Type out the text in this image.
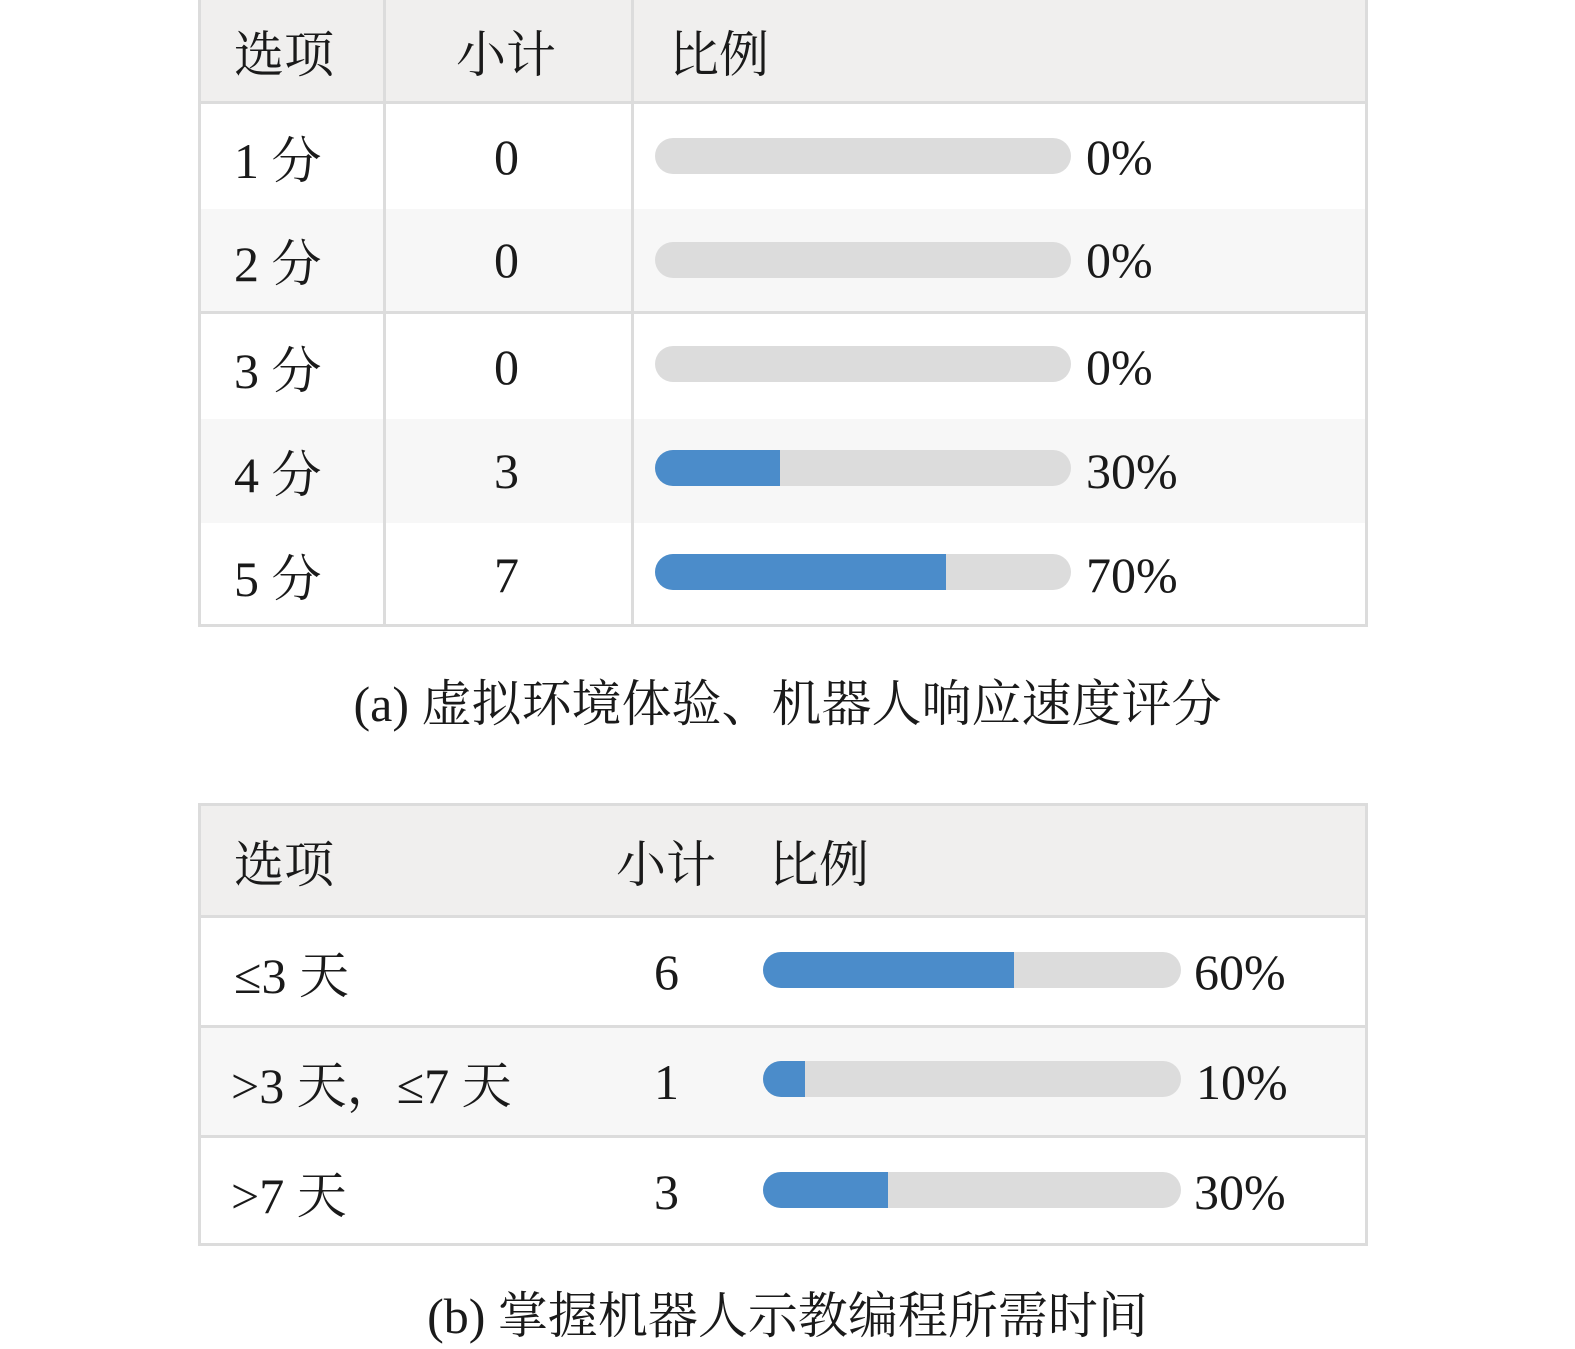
选项 小计 比例
1 分	0	0%
2 分	0	0%
3 分	0	0%
4 分	3	30%
5 分	7	70%
(a) 虚拟环境体验、机器人响应速度评分
选项	小计 比例
≤3 天	6	60%
>3 天，≤7 天	1	10%
>7 天	3	30%
(b) 掌握机器人示教编程所需时间
